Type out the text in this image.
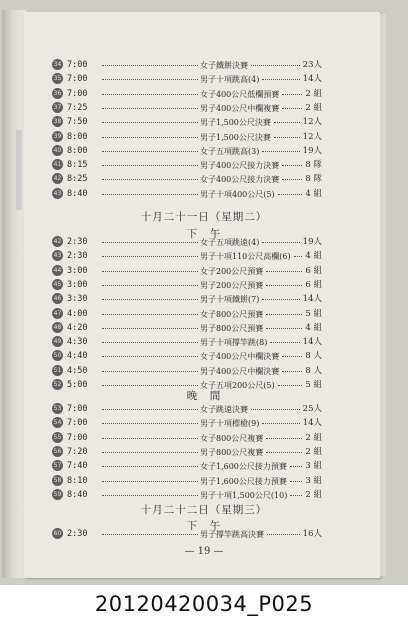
十月二十一日（星期二）
下　午
晚　間
十月二十二日（星期三）
下　午
— 19 —
34 7:00	女子鐵餅決賽	23人
35 7:00	男子十項跳高(4)	14人
36 7:00	女子400公尺低欄預賽	2 組
37 7:25	男子400公尺中欄複賽	2 組
38 7:50	男子1,500公尺決賽	12人
39 8:00	男子1,500公尺決賽	12人
40 8:00	女子五項跳高(3)	19人
41 8:15	男子400公尺接力決賽	8 隊
42 8:25	女子400公尺接力決賽	8 隊
43 8:40	男子十項400公尺(5)	4 組
42 2:30	女子五項跳遠(4)	19人
43 2:30	男子十項110公尺高欄(6) 4 組
44 3:00	女子200公尺預賽	6 組
45 3:00	男子200公尺預賽	6 組
46 3:30	男子十項鐵餅(7)	14人
47 4:00	女子800公尺預賽	5 組
48 4:20	男子800公尺預賽	4 組
49 4:30	男子十項撐竿跳(8)	14人
50 4:40	女子400公尺中欄決賽	8 人
51 4:50	男子400公尺中欄決賽	8 人
52 5:00	女子五項200公尺(5)	5 組
53 7:00	女子跳遠決賽	25人
54 7:00	男子十項標槍(9)	14人
55 7:00	女子800公尺複賽	2 組
56 7:20	男子800公尺複賽	2 組
57 7:40	女子1,600公尺接力預賽 3 組
58 8:10	男子1,600公尺接力預賽 3 組
59 8:40	男子十項1,500公尺(10) 2 組
60 2:30	男子撐竿跳高決賽	16人
20120420034_P025
